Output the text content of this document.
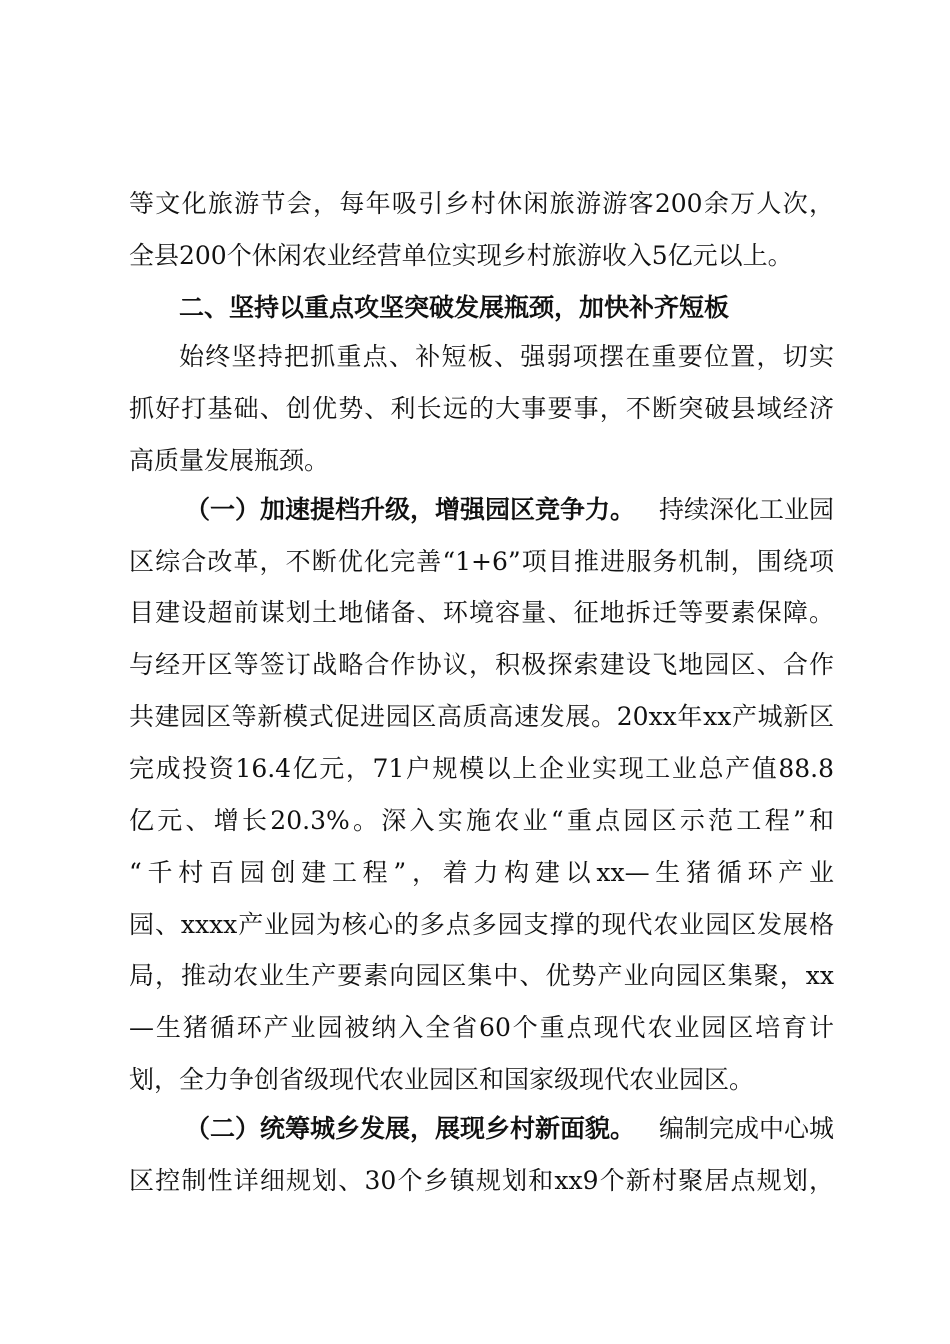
等文化旅游节会，每年吸引乡村休闲旅游游客200余万人次，
全县200个休闲农业经营单位实现乡村旅游收入5亿元以上。
二、坚持以重点攻坚突破发展瓶颈，加快补齐短板
始终坚持把抓重点、补短板、强弱项摆在重要位置，切实
抓好打基础、创优势、利长远的大事要事，不断突破县域经济
高质量发展瓶颈。
（一）加速提档升级，增强园区竞争力。 持续深化工业园
区综合改革，不断优化完善“1+6”项目推进服务机制，围绕项
目建设超前谋划土地储备、环境容量、征地拆迁等要素保障。
与经开区等签订战略合作协议，积极探索建设飞地园区、合作
共建园区等新模式促进园区高质高速发展。20xx年xx产城新区
完成投资16.4亿元，71户规模以上企业实现工业总产值88.8
亿元、增长20.3%。深入实施农业“重点园区示范工程”和
“千村百园创建工程”，着力构建以xx—生猪循环产业
园、xxxx产业园为核心的多点多园支撑的现代农业园区发展格
局，推动农业生产要素向园区集中、优势产业向园区集聚，xx
—生猪循环产业园被纳入全省60个重点现代农业园区培育计
划，全力争创省级现代农业园区和国家级现代农业园区。
（二）统筹城乡发展，展现乡村新面貌。 编制完成中心城
区控制性详细规划、30个乡镇规划和xx9个新村聚居点规划，
